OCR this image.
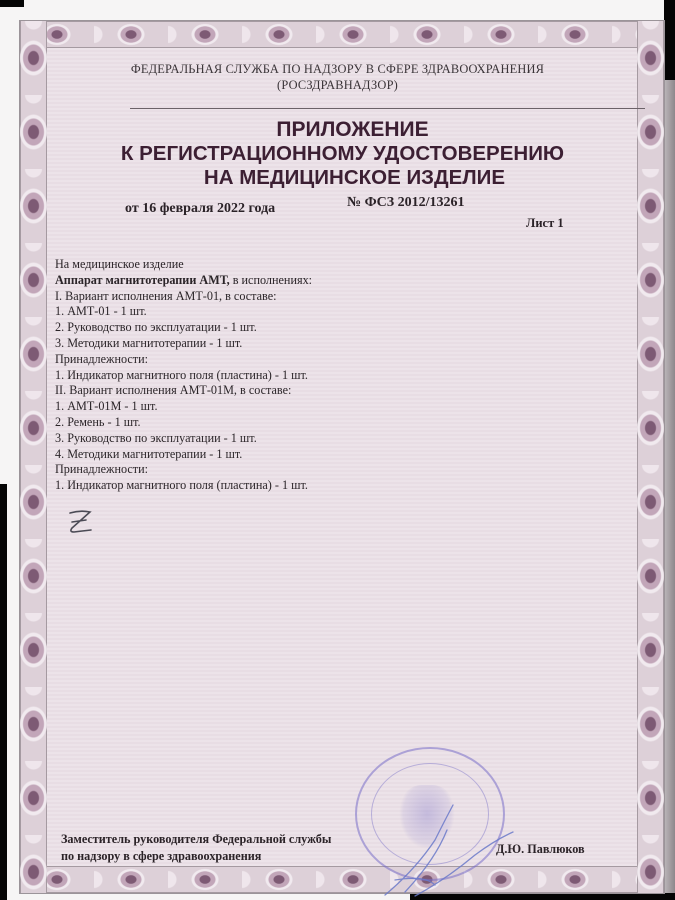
ФЕДЕРАЛЬНАЯ СЛУЖБА ПО НАДЗОРУ В СФЕРЕ ЗДРАВООХРАНЕНИЯ
(РОСЗДРАВНАДЗОР)
ПРИЛОЖЕНИЕ
К РЕГИСТРАЦИОННОМУ УДОСТОВЕРЕНИЮ
НА МЕДИЦИНСКОЕ ИЗДЕЛИЕ
от 16 февраля 2022 года	№ ФСЗ 2012/13261
Лист 1
На медицинское изделие
Аппарат магнитотерапии АМТ, в исполнениях:
I. Вариант исполнения АМТ-01, в составе:
1. АМТ-01 - 1 шт.
2. Руководство по эксплуатации - 1 шт.
3. Методики магнитотерапии - 1 шт.
Принадлежности:
1. Индикатор магнитного поля (пластина) - 1 шт.
II. Вариант исполнения АМТ-01М, в составе:
1. АМТ-01М - 1 шт.
2. Ремень - 1 шт.
3. Руководство по эксплуатации - 1 шт.
4. Методики магнитотерапии - 1 шт.
Принадлежности:
1. Индикатор магнитного поля (пластина) - 1 шт.
Заместитель руководителя Федеральной службы
по надзору в сфере здравоохранения	Д.Ю. Павлюков
